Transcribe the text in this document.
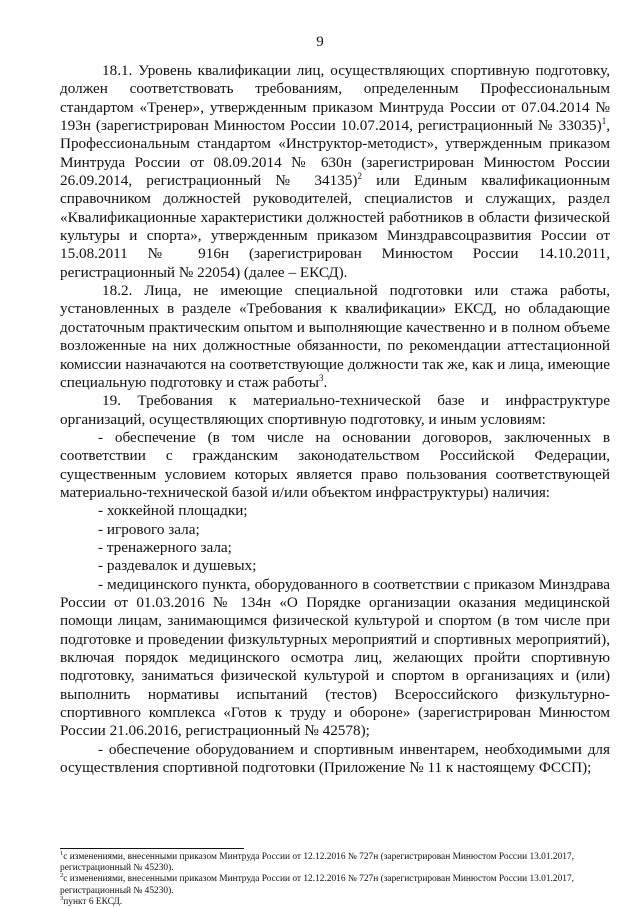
9

18.1. Уровень квалификации лиц, осуществляющих спортивную подготовку, должен соответствовать требованиям, определенным Профессиональным стандартом «Тренер», утвержденным приказом Минтруда России от 07.04.2014 № 193н (зарегистрирован Минюстом России 10.07.2014, регистрационный № 33035)$^1$, Профессиональным стандартом «Инструктор-методист», утвержденным приказом Минтруда России от 08.09.2014 № 630н (зарегистрирован Минюстом России 26.09.2014, регистрационный № 34135)$^2$ или Единым квалификационным справочником должностей руководителей, специалистов и служащих, раздел «Квалификационные характеристики должностей работников в области физической культуры и спорта», утвержденным приказом Минздравсоцразвития России от 15.08.2011 № 916н (зарегистрирован Минюстом России 14.10.2011, регистрационный № 22054) (далее – ЕКСД).

18.2. Лица, не имеющие специальной подготовки или стажа работы, установленных в разделе «Требования к квалификации» ЕКСД, но обладающие достаточным практическим опытом и выполняющие качественно и в полном объеме возложенные на них должностные обязанности, по рекомендации аттестационной комиссии назначаются на соответствующие должности так же, как и лица, имеющие специальную подготовку и стаж работы$^3$.

19. Требования к материально-технической базе и инфраструктуре организаций, осуществляющих спортивную подготовку, и иным условиям:

- обеспечение (в том числе на основании договоров, заключенных в соответствии с гражданским законодательством Российской Федерации, существенным условием которых является право пользования соответствующей материально-технической базой и/или объектом инфраструктуры) наличия:

- хоккейной площадки;

- игрового зала;

- тренажерного зала;

- раздевалок и душевых;

- медицинского пункта, оборудованного в соответствии с приказом Минздрава России от 01.03.2016 № 134н «О Порядке организации оказания медицинской помощи лицам, занимающимся физической культурой и спортом (в том числе при подготовке и проведении физкультурных мероприятий и спортивных мероприятий), включая порядок медицинского осмотра лиц, желающих пройти спортивную подготовку, заниматься физической культурой и спортом в организациях и (или) выполнить нормативы испытаний (тестов) Всероссийского физкультурно-спортивного комплекса «Готов к труду и обороне» (зарегистрирован Минюстом России 21.06.2016, регистрационный № 42578);

- обеспечение оборудованием и спортивным инвентарем, необходимыми для осуществления спортивной подготовки (Приложение № 11 к настоящему ФССП);

$^1$с изменениями, внесенными приказом Минтруда России от 12.12.2016 № 727н (зарегистрирован Минюстом России 13.01.2017, регистрационный № 45230).

$^2$с изменениями, внесенными приказом Минтруда России от 12.12.2016 № 727н (зарегистрирован Минюстом России 13.01.2017, регистрационный № 45230).

$^3$пункт 6 ЕКСД.
